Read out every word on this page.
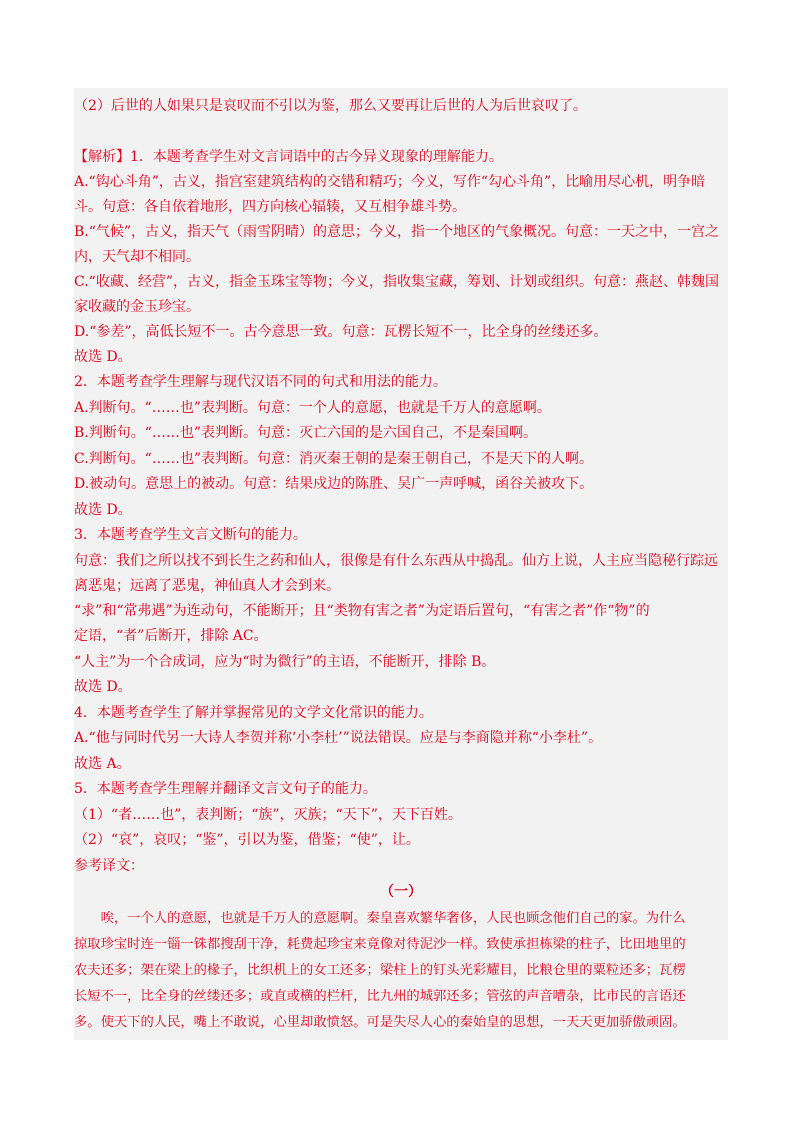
（2）后世的人如果只是哀叹而不引以为鉴，那么又要再让后世的人为后世哀叹了。

【解析】1．本题考查学生对文言词语中的古今异义现象的理解能力。

A.“钩心斗角”，古义，指宫室建筑结构的交错和精巧；今义，写作“勾心斗角”，比喻用尽心机，明争暗

斗。句意：各自依着地形，四方向核心辐辏，又互相争雄斗势。

B.“气候”，古义，指天气（雨雪阴晴）的意思；今义，指一个地区的气象概况。句意：一天之中，一宫之

内，天气却不相同。

C.“收藏、经营”，古义，指金玉珠宝等物；今义，指收集宝藏，筹划、计划或组织。句意：燕赵、韩魏国

家收藏的金玉珍宝。

D.“参差”，高低长短不一。古今意思一致。句意：瓦楞长短不一，比全身的丝缕还多。

故选 D。

2．本题考查学生理解与现代汉语不同的句式和用法的能力。

A.判断句。“……也”表判断。句意：一个人的意愿，也就是千万人的意愿啊。

B.判断句。“……也”表判断。句意：灭亡六国的是六国自己，不是秦国啊。

C.判断句。“……也”表判断。句意：消灭秦王朝的是秦王朝自己，不是天下的人啊。

D.被动句。意思上的被动。句意：结果戍边的陈胜、吴广一声呼喊，函谷关被攻下。

故选 D。

3．本题考查学生文言文断句的能力。

句意：我们之所以找不到长生之药和仙人，很像是有什么东西从中捣乱。仙方上说，人主应当隐秘行踪远

离恶鬼；远离了恶鬼，神仙真人才会到来。

“求”和“常弗遇”为连动句，不能断开；且“类物有害之者”为定语后置句，“有害之者”作“物”的

定语，“者”后断开，排除 AC。

“人主”为一个合成词，应为“时为微行”的主语，不能断开，排除 B。

故选 D。

4．本题考查学生了解并掌握常见的文学文化常识的能力。

A.“他与同时代另一大诗人李贺并称‘小李杜’”说法错误。应是与李商隐并称“小李杜”。

故选 A。

5．本题考查学生理解并翻译文言文句子的能力。

（1）“者……也”，表判断；“族”，灭族；“天下”，天下百姓。

（2）“哀”，哀叹；“鉴”，引以为鉴，借鉴；“使”，让。

参考译文：

（一）

　　唉，一个人的意愿，也就是千万人的意愿啊。秦皇喜欢繁华奢侈，人民也顾念他们自己的家。为什么

掠取珍宝时连一锱一铢都搜刮干净，耗费起珍宝来竟像对待泥沙一样。致使承担栋梁的柱子，比田地里的

农夫还多；架在梁上的椽子，比织机上的女工还多；梁柱上的钉头光彩耀目，比粮仓里的粟粒还多；瓦楞

长短不一，比全身的丝缕还多；或直或横的栏杆，比九州的城郭还多；管弦的声音嘈杂，比市民的言语还

多。使天下的人民，嘴上不敢说，心里却敢愤怒。可是失尽人心的秦始皇的思想，一天天更加骄傲顽固。
